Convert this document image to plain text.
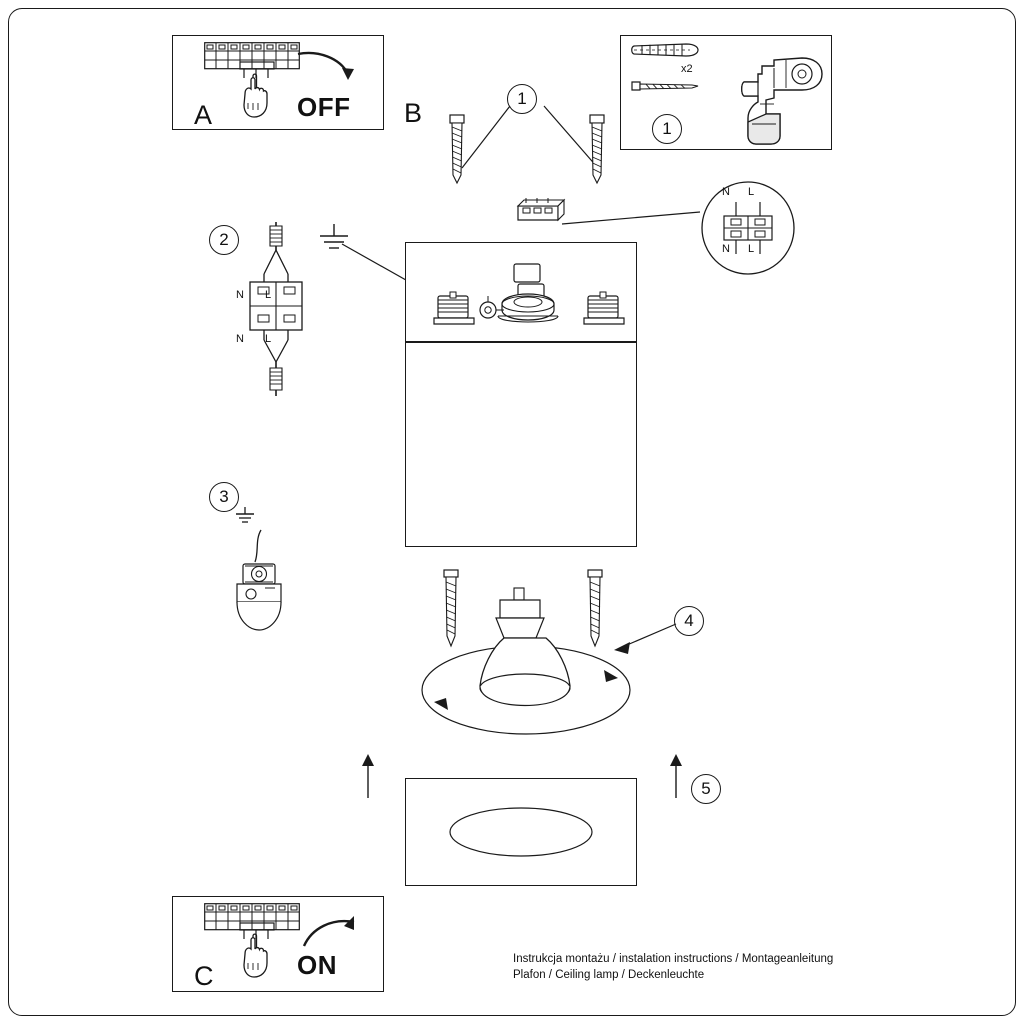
A	OFF
1
x2
B	1
N L
N L
2
N L
N L
3
4
5
C	ON	Instrukcja montażu / instalation instructions / Montageanleitung
Plafon / Ceiling lamp / Deckenleuchte
